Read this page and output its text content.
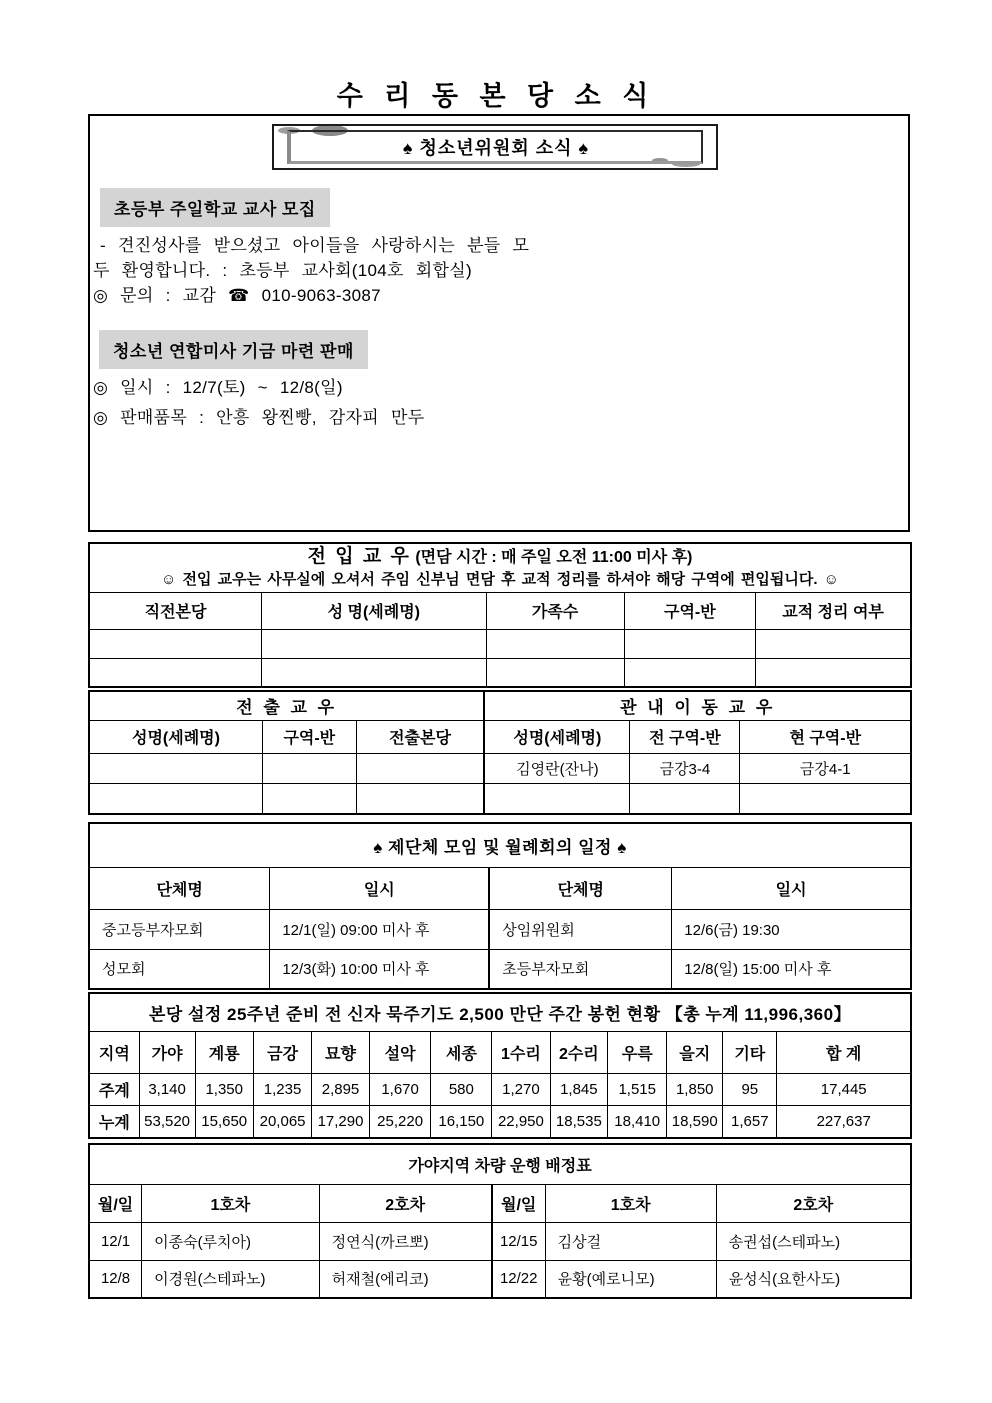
수 리 동 본 당 소 식
♠ 청소년위원회 소식 ♠
초등부 주일학교 교사 모집
- 견진성사를 받으셨고 아이들을 사랑하시는 분들 모
두 환영합니다. : 초등부 교사회(104호 회합실)
◎ 문의 : 교감 ☎ 010-9063-3087
청소년 연합미사 기금 마련 판매
◎ 일시 : 12/7(토) ~ 12/8(일)
◎ 판매품목 : 안흥 왕찐빵, 감자피 만두
전 입 교 우 (면담 시간 : 매 주일 오전 11:00 미사 후)
☺ 전입 교우는 사무실에 오셔서 주임 신부님 면담 후 교적 정리를 하셔야 해당 구역에 편입됩니다. ☺				

직전본당	성 명(세례명)	가족수	구역-반	교적 정리 여부

전 출 교 우			관 내 이 동 교 우		
성명(세례명)	구역-반	전출본당	성명(세례명)	전 구역-반	현 구역-반
			김영란(잔나)	금강3-4	금강4-1

♠ 제단체 모임 및 월례회의 일정 ♠			
단체명	일시	단체명	일시
중고등부자모회	12/1(일) 09:00 미사 후	상임위원회	12/6(금) 19:30
성모회	12/3(화) 10:00 미사 후	초등부자모회	12/8(일) 15:00 미사 후
본당 설정 25주년 준비 전 신자 묵주기도 2,500 만단 주간 봉헌 현황 【총 누계 11,996,360】												
지역	가야	계룡	금강	묘향	설악	세종	1수리	2수리	우륵	을지	기타	합 계
주계	3,140	1,350	1,235	2,895	1,670	580	1,270	1,845	1,515	1,850	95	17,445
누계	53,520	15,650	20,065	17,290	25,220	16,150	22,950	18,535	18,410	18,590	1,657	227,637
가야지역 차량 운행 배정표					
월/일	1호차	2호차	월/일	1호차	2호차
12/1	이종숙(루치아)	정연식(까르뽀)	12/15	김상걸	송권섭(스테파노)
12/8	이경원(스테파노)	허재철(에리코)	12/22	윤황(예로니모)	윤성식(요한사도)
